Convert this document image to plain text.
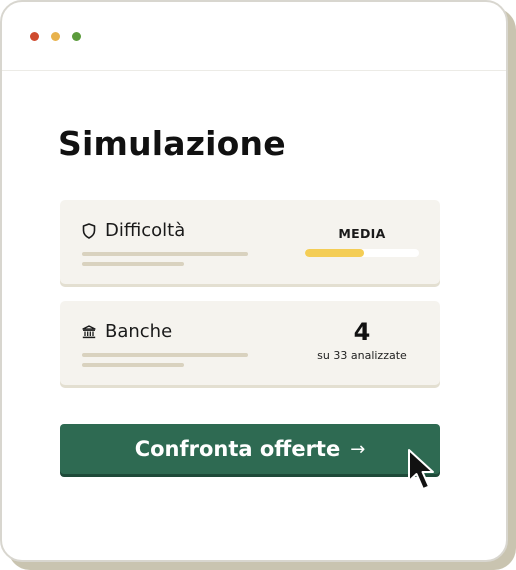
Simulazione
Difficoltà	MEDIA
Banche	4
su 33 analizzate
Confronta offerte →
